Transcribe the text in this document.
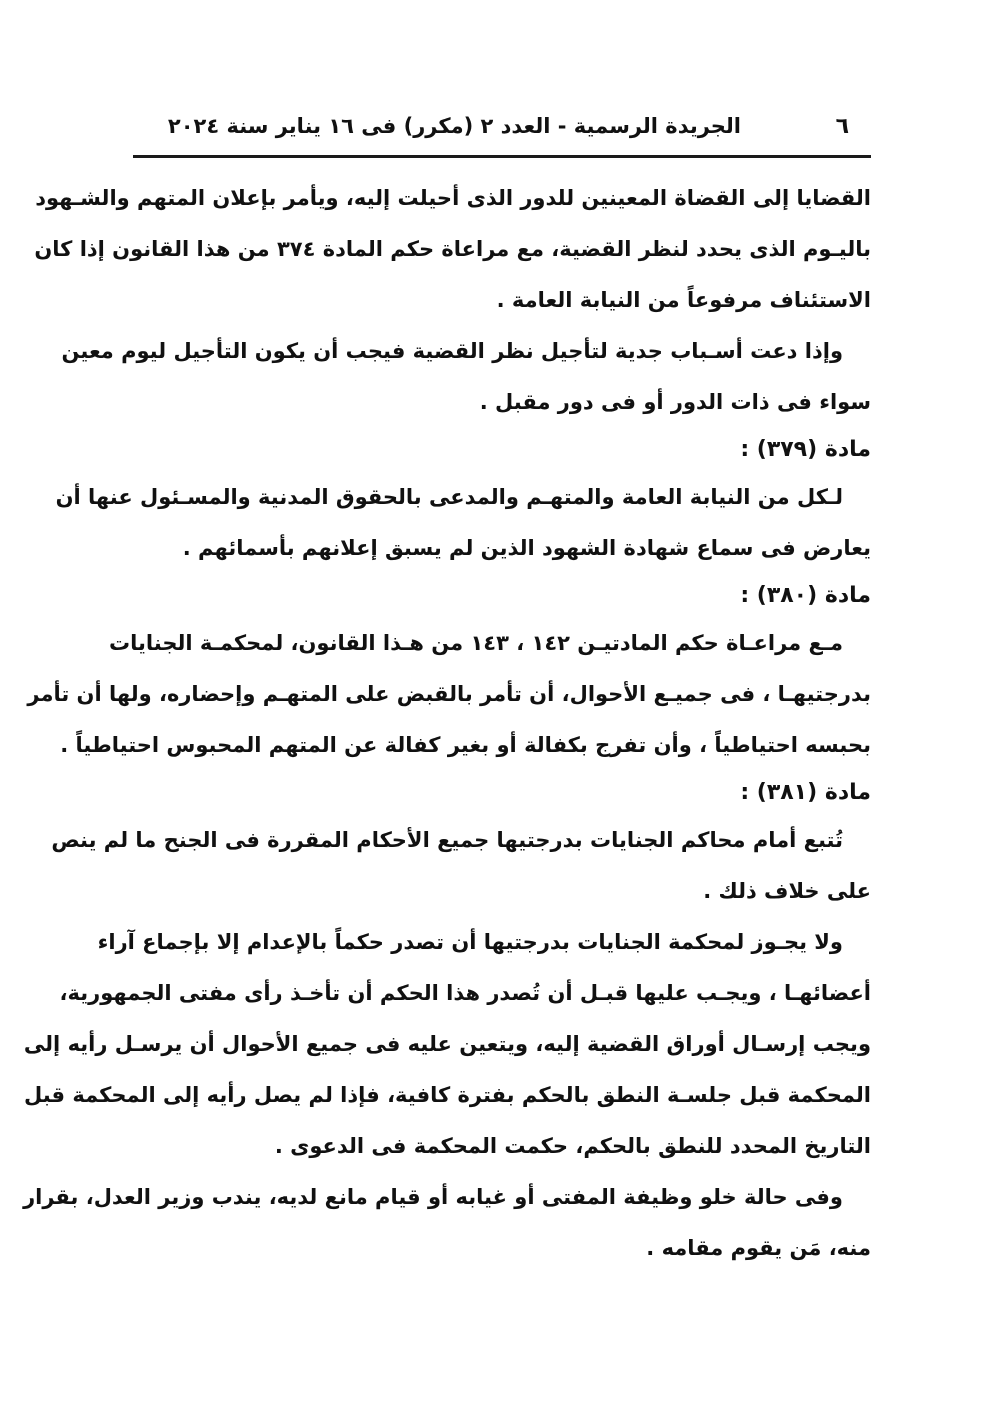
٦
الجريدة الرسمية - العدد ٢ (مكرر) فى ١٦ يناير سنة ٢٠٢٤

القضايا إلى القضاة المعينين للدور الذى أحيلت إليه، ويأمر بإعلان المتهم والشـهود
باليـوم الذى يحدد لنظر القضية، مع مراعاة حكم المادة ٣٧٤ من هذا القانون إذا كان
الاستئناف مرفوعاً من النيابة العامة .

وإذا دعت أسـباب جدية لتأجيل نظر القضية فيجب أن يكون التأجيل ليوم معين
سواء فى ذات الدور أو فى دور مقبل .

مادة (٣٧٩) :

لـكل من النيابة العامة والمتهـم والمدعى بالحقوق المدنية والمسـئول عنها أن
يعارض فى سماع شهادة الشهود الذين لم يسبق إعلانهم بأسمائهم .

مادة (٣٨٠) :

مـع مراعـاة حكم المادتيـن ١٤٢ ، ١٤٣ من هـذا القانون، لمحكمـة الجنايات
بدرجتيهـا ، فى جميـع الأحوال، أن تأمر بالقبض على المتهـم وإحضاره، ولها أن تأمر
بحبسه احتياطياً ، وأن تفرج بكفالة أو بغير كفالة عن المتهم المحبوس احتياطياً .

مادة (٣٨١) :

تُتبع أمام محاكم الجنايات بدرجتيها جميع الأحكام المقررة فى الجنح ما لم ينص
على خلاف ذلك .

ولا يجـوز لمحكمة الجنايات بدرجتيها أن تصدر حكماً بالإعدام إلا بإجماع آراء
أعضائهـا ، ويجـب عليها قبـل أن تُصدر هذا الحكم أن تأخـذ رأى مفتى الجمهورية،
ويجب إرسـال أوراق القضية إليه، ويتعين عليه فى جميع الأحوال أن يرسـل رأيه إلى
المحكمة قبل جلسـة النطق بالحكم بفترة كافية، فإذا لم يصل رأيه إلى المحكمة قبل
التاريخ المحدد للنطق بالحكم، حكمت المحكمة فى الدعوى .

وفى حالة خلو وظيفة المفتى أو غيابه أو قيام مانع لديه، يندب وزير العدل، بقرار
منه، مَن يقوم مقامه .
